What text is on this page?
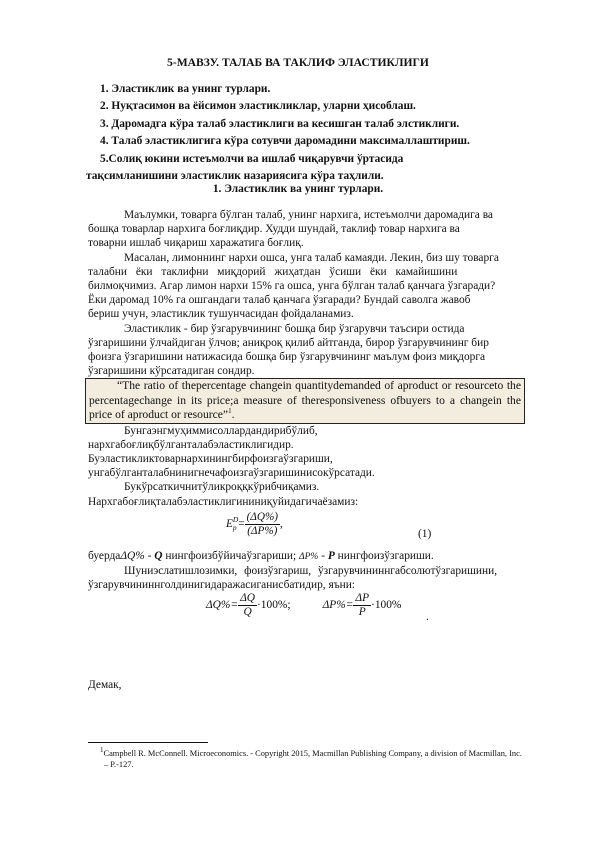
5-МАВЗУ. ТАЛАБ ВА ТАКЛИФ ЭЛАСТИКЛИГИ
1. Эластиклик ва унинг турлари.
2. Нуқтасимон ва ёйсимон эластикликлар, уларни ҳисоблаш.
3. Даромадга кўра талаб эластиклиги ва кесишган талаб элстиклиги.
4. Талаб эластиклигига кўра сотувчи даромадини максималлаштириш.
5.Солиқ юкини истеъмолчи ва ишлаб чиқарувчи ўртасида
тақсимланишини эластиклик назариясига кўра таҳлили.
1. Эластиклик ва унинг турлари.
Маълумки, товарга бўлган талаб, унинг нархига, истеъмолчи даромадига ва
бошқа товарлар нархига боғлиқдир. Худди шундай, таклиф товар нархига ва
товарни ишлаб чиқариш харажатига боғлиқ.
Масалан, лимоннинг нархи ошса, унга талаб камаяди. Лекин, биз шу товарга
талабни ёки таклифни миқдорий жиҳатдан ўсиши ёки камайишини
билмоқчимиз. Агар лимон нархи 15% га ошса, унга бўлган талаб қанчага ўзгаради?
Ёки даромад 10% га ошгандаги талаб қанчага ўзгаради? Бундай саволга жавоб
бериш учун, эластиклик тушунчасидан фойдаланамиз.
Эластиклик - бир ўзгарувчининг бошқа бир ўзгарувчи таъсири остида
ўзгаришини ўлчайдиган ўлчов; аниқроқ қилиб айтганда, бирор ўзгарувчининг бир
фоизга ўзгаришини натижасида бошқа бир ўзгарувчининг маълум фоиз миқдорга
ўзгаришини кўрсатадиган сондир.
“The ratio of thepercentage changein quantitydemanded of aproduct or resourceto the percentagechange in its price;a measure of theresponsiveness ofbuyers to a changein the price of aproduct or resource”$^1$.
Бунгаэнгмуҳиммисоллардандирибўлиб,
нархгабоғлиқбўлганталабэластиклигидир.
Буэластикликтоварнархинингбирфоизгаўзгариши,
унгабўлганталабнинигнечафоизгаўзгаришинисокўрсатади.
Букўрсаткичнитўликроққкўрибчиқамиз.
Нархгабоғлиқталабэластиклигининиқуйидагичаёзамиз:
E D
$p = \frac{(\Delta Q\%)}{(\Delta P\%)}$ ,
(1)
буердаΔQ% - Q нингфоизбўйичаўзгариши; ΔP% - P нингфоизўзгариши.
Шуниэслатишлозимки, фоизўзгариш, ўзгарувчининнгабсолютўзгаришини,
ўзгарувчининнголдинигидаражасиганисбатидир, яъни:
$\Delta Q\%= \frac{\Delta Q}{Q} \cdot 100\%$;	$\Delta P\%= \frac{\Delta P}{P} \cdot 100\%$
.
Демак,
$^1$Campbell R. McConnell. Microeconomics. - Copyright 2015, Macmillan Publishing Company, a division of Macmillan, Inc. – P.-127.
